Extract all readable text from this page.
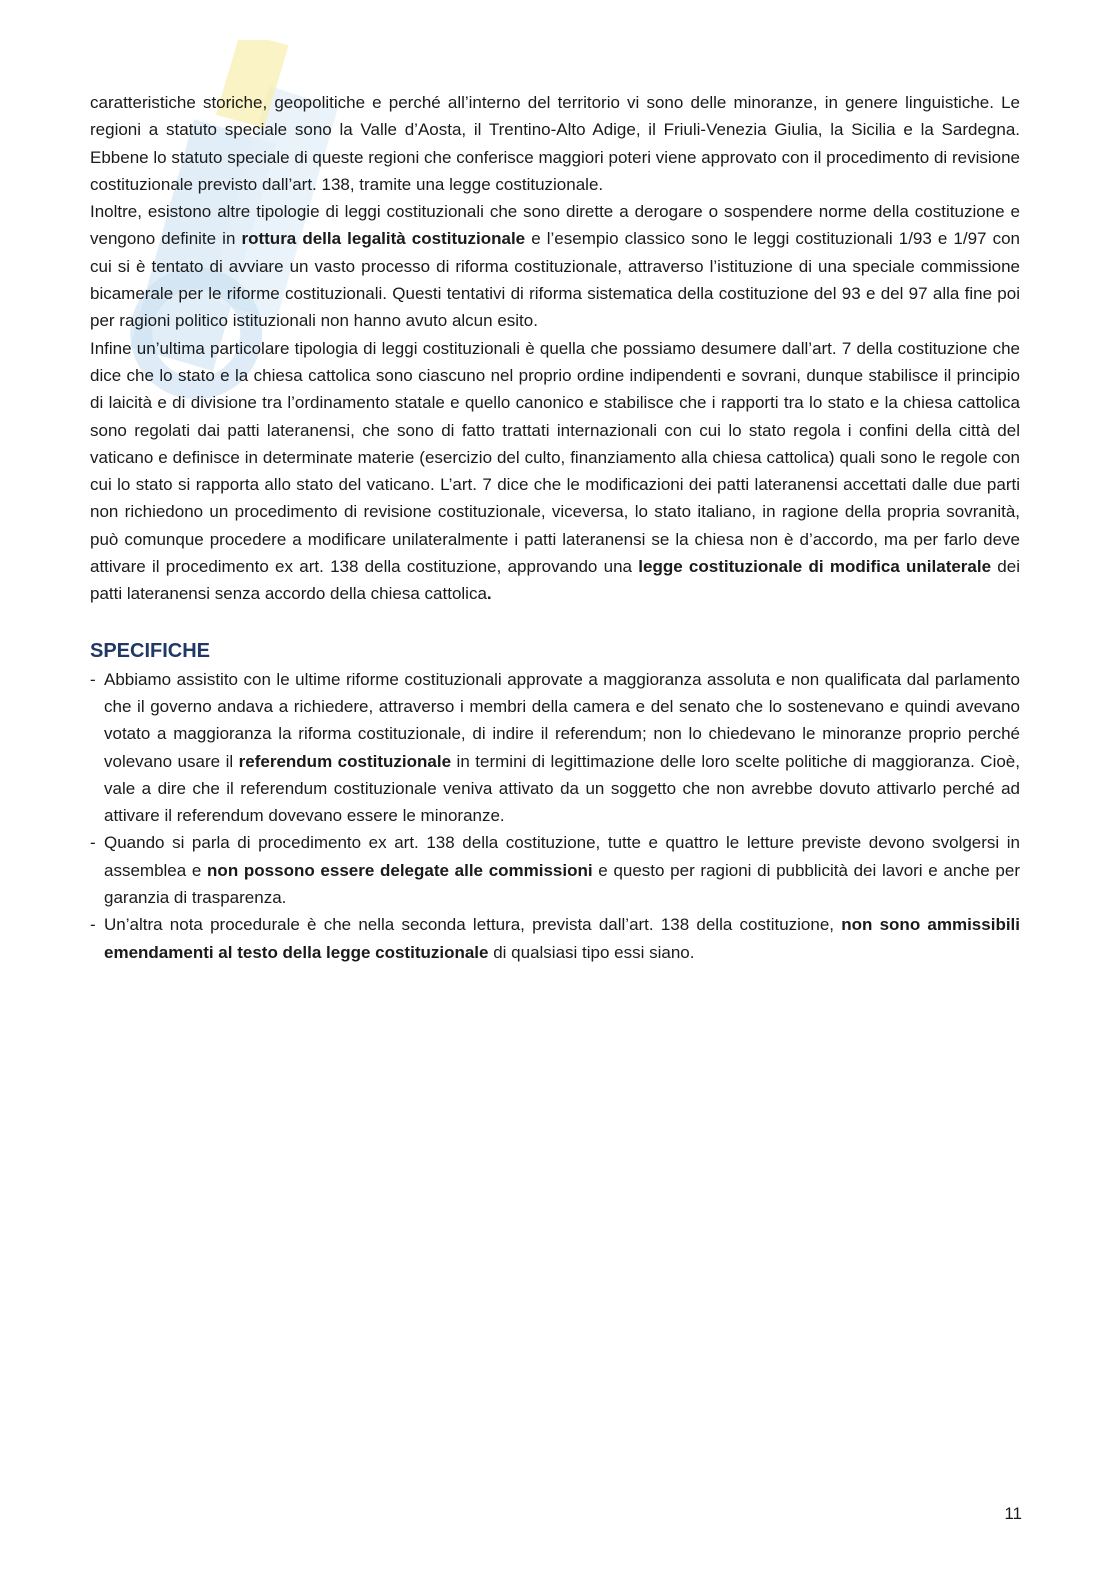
caratteristiche storiche, geopolitiche e perché all’interno del territorio vi sono delle minoranze, in genere linguistiche. Le regioni a statuto speciale sono la Valle d’Aosta, il Trentino-Alto Adige, il Friuli-Venezia Giulia, la Sicilia e la Sardegna. Ebbene lo statuto speciale di queste regioni che conferisce maggiori poteri viene approvato con il procedimento di revisione costituzionale previsto dall’art. 138, tramite una legge costituzionale.

Inoltre, esistono altre tipologie di leggi costituzionali che sono dirette a derogare o sospendere norme della costituzione e vengono definite in rottura della legalità costituzionale e l’esempio classico sono le leggi costituzionali 1/93 e 1/97 con cui si è tentato di avviare un vasto processo di riforma costituzionale, attraverso l’istituzione di una speciale commissione bicamerale per le riforme costituzionali. Questi tentativi di riforma sistematica della costituzione del 93 e del 97 alla fine poi per ragioni politico istituzionali non hanno avuto alcun esito.

Infine un’ultima particolare tipologia di leggi costituzionali è quella che possiamo desumere dall’art. 7 della costituzione che dice che lo stato e la chiesa cattolica sono ciascuno nel proprio ordine indipendenti e sovrani, dunque stabilisce il principio di laicità e di divisione tra l’ordinamento statale e quello canonico e stabilisce che i rapporti tra lo stato e la chiesa cattolica sono regolati dai patti lateranensi, che sono di fatto trattati internazionali con cui lo stato regola i confini della città del vaticano e definisce in determinate materie (esercizio del culto, finanziamento alla chiesa cattolica) quali sono le regole con cui lo stato si rapporta allo stato del vaticano. L’art. 7 dice che le modificazioni dei patti lateranensi accettati dalle due parti non richiedono un procedimento di revisione costituzionale, viceversa, lo stato italiano, in ragione della propria sovranità, può comunque procedere a modificare unilateralmente i patti lateranensi se la chiesa non è d’accordo, ma per farlo deve attivare il procedimento ex art. 138 della costituzione, approvando una legge costituzionale di modifica unilaterale dei patti lateranensi senza accordo della chiesa cattolica.

SPECIFICHE
- Abbiamo assistito con le ultime riforme costituzionali approvate a maggioranza assoluta e non qualificata dal parlamento che il governo andava a richiedere, attraverso i membri della camera e del senato che lo sostenevano e quindi avevano votato a maggioranza la riforma costituzionale, di indire il referendum; non lo chiedevano le minoranze proprio perché volevano usare il referendum costituzionale in termini di legittimazione delle loro scelte politiche di maggioranza. Cioè, vale a dire che il referendum costituzionale veniva attivato da un soggetto che non avrebbe dovuto attivarlo perché ad attivare il referendum dovevano essere le minoranze.
- Quando si parla di procedimento ex art. 138 della costituzione, tutte e quattro le letture previste devono svolgersi in assemblea e non possono essere delegate alle commissioni e questo per ragioni di pubblicità dei lavori e anche per garanzia di trasparenza.
- Un’altra nota procedurale è che nella seconda lettura, prevista dall’art. 138 della costituzione, non sono ammissibili emendamenti al testo della legge costituzionale di qualsiasi tipo essi siano.
11
